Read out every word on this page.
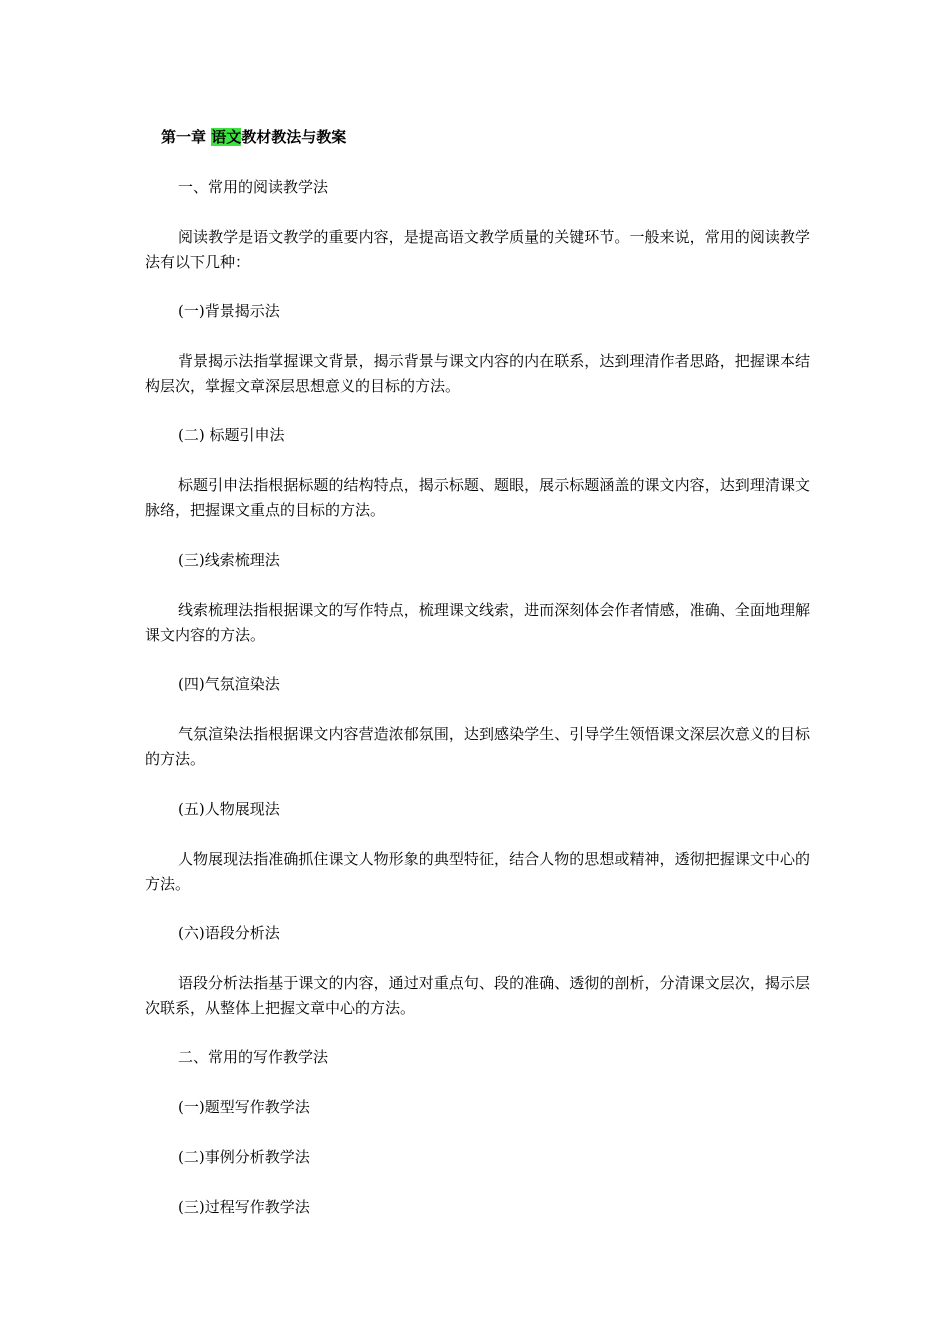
第一章 语文教材教法与教案

一、常用的阅读教学法

阅读教学是语文教学的重要内容，是提高语文教学质量的关键环节。一般来说，常用的阅读教学法有以下几种：

(一)背景揭示法

背景揭示法指掌握课文背景，揭示背景与课文内容的内在联系，达到理清作者思路，把握课本结构层次，掌握文章深层思想意义的目标的方法。

(二) 标题引申法

标题引申法指根据标题的结构特点，揭示标题、题眼，展示标题涵盖的课文内容，达到理清课文脉络，把握课文重点的目标的方法。

(三)线索梳理法

线索梳理法指根据课文的写作特点，梳理课文线索，进而深刻体会作者情感，准确、全面地理解课文内容的方法。

(四)气氛渲染法

气氛渲染法指根据课文内容营造浓郁氛围，达到感染学生、引导学生领悟课文深层次意义的目标的方法。

(五)人物展现法

人物展现法指准确抓住课文人物形象的典型特征，结合人物的思想或精神，透彻把握课文中心的方法。

(六)语段分析法

语段分析法指基于课文的内容，通过对重点句、段的准确、透彻的剖析，分清课文层次，揭示层次联系，从整体上把握文章中心的方法。

二、常用的写作教学法

(一)题型写作教学法

(二)事例分析教学法

(三)过程写作教学法
